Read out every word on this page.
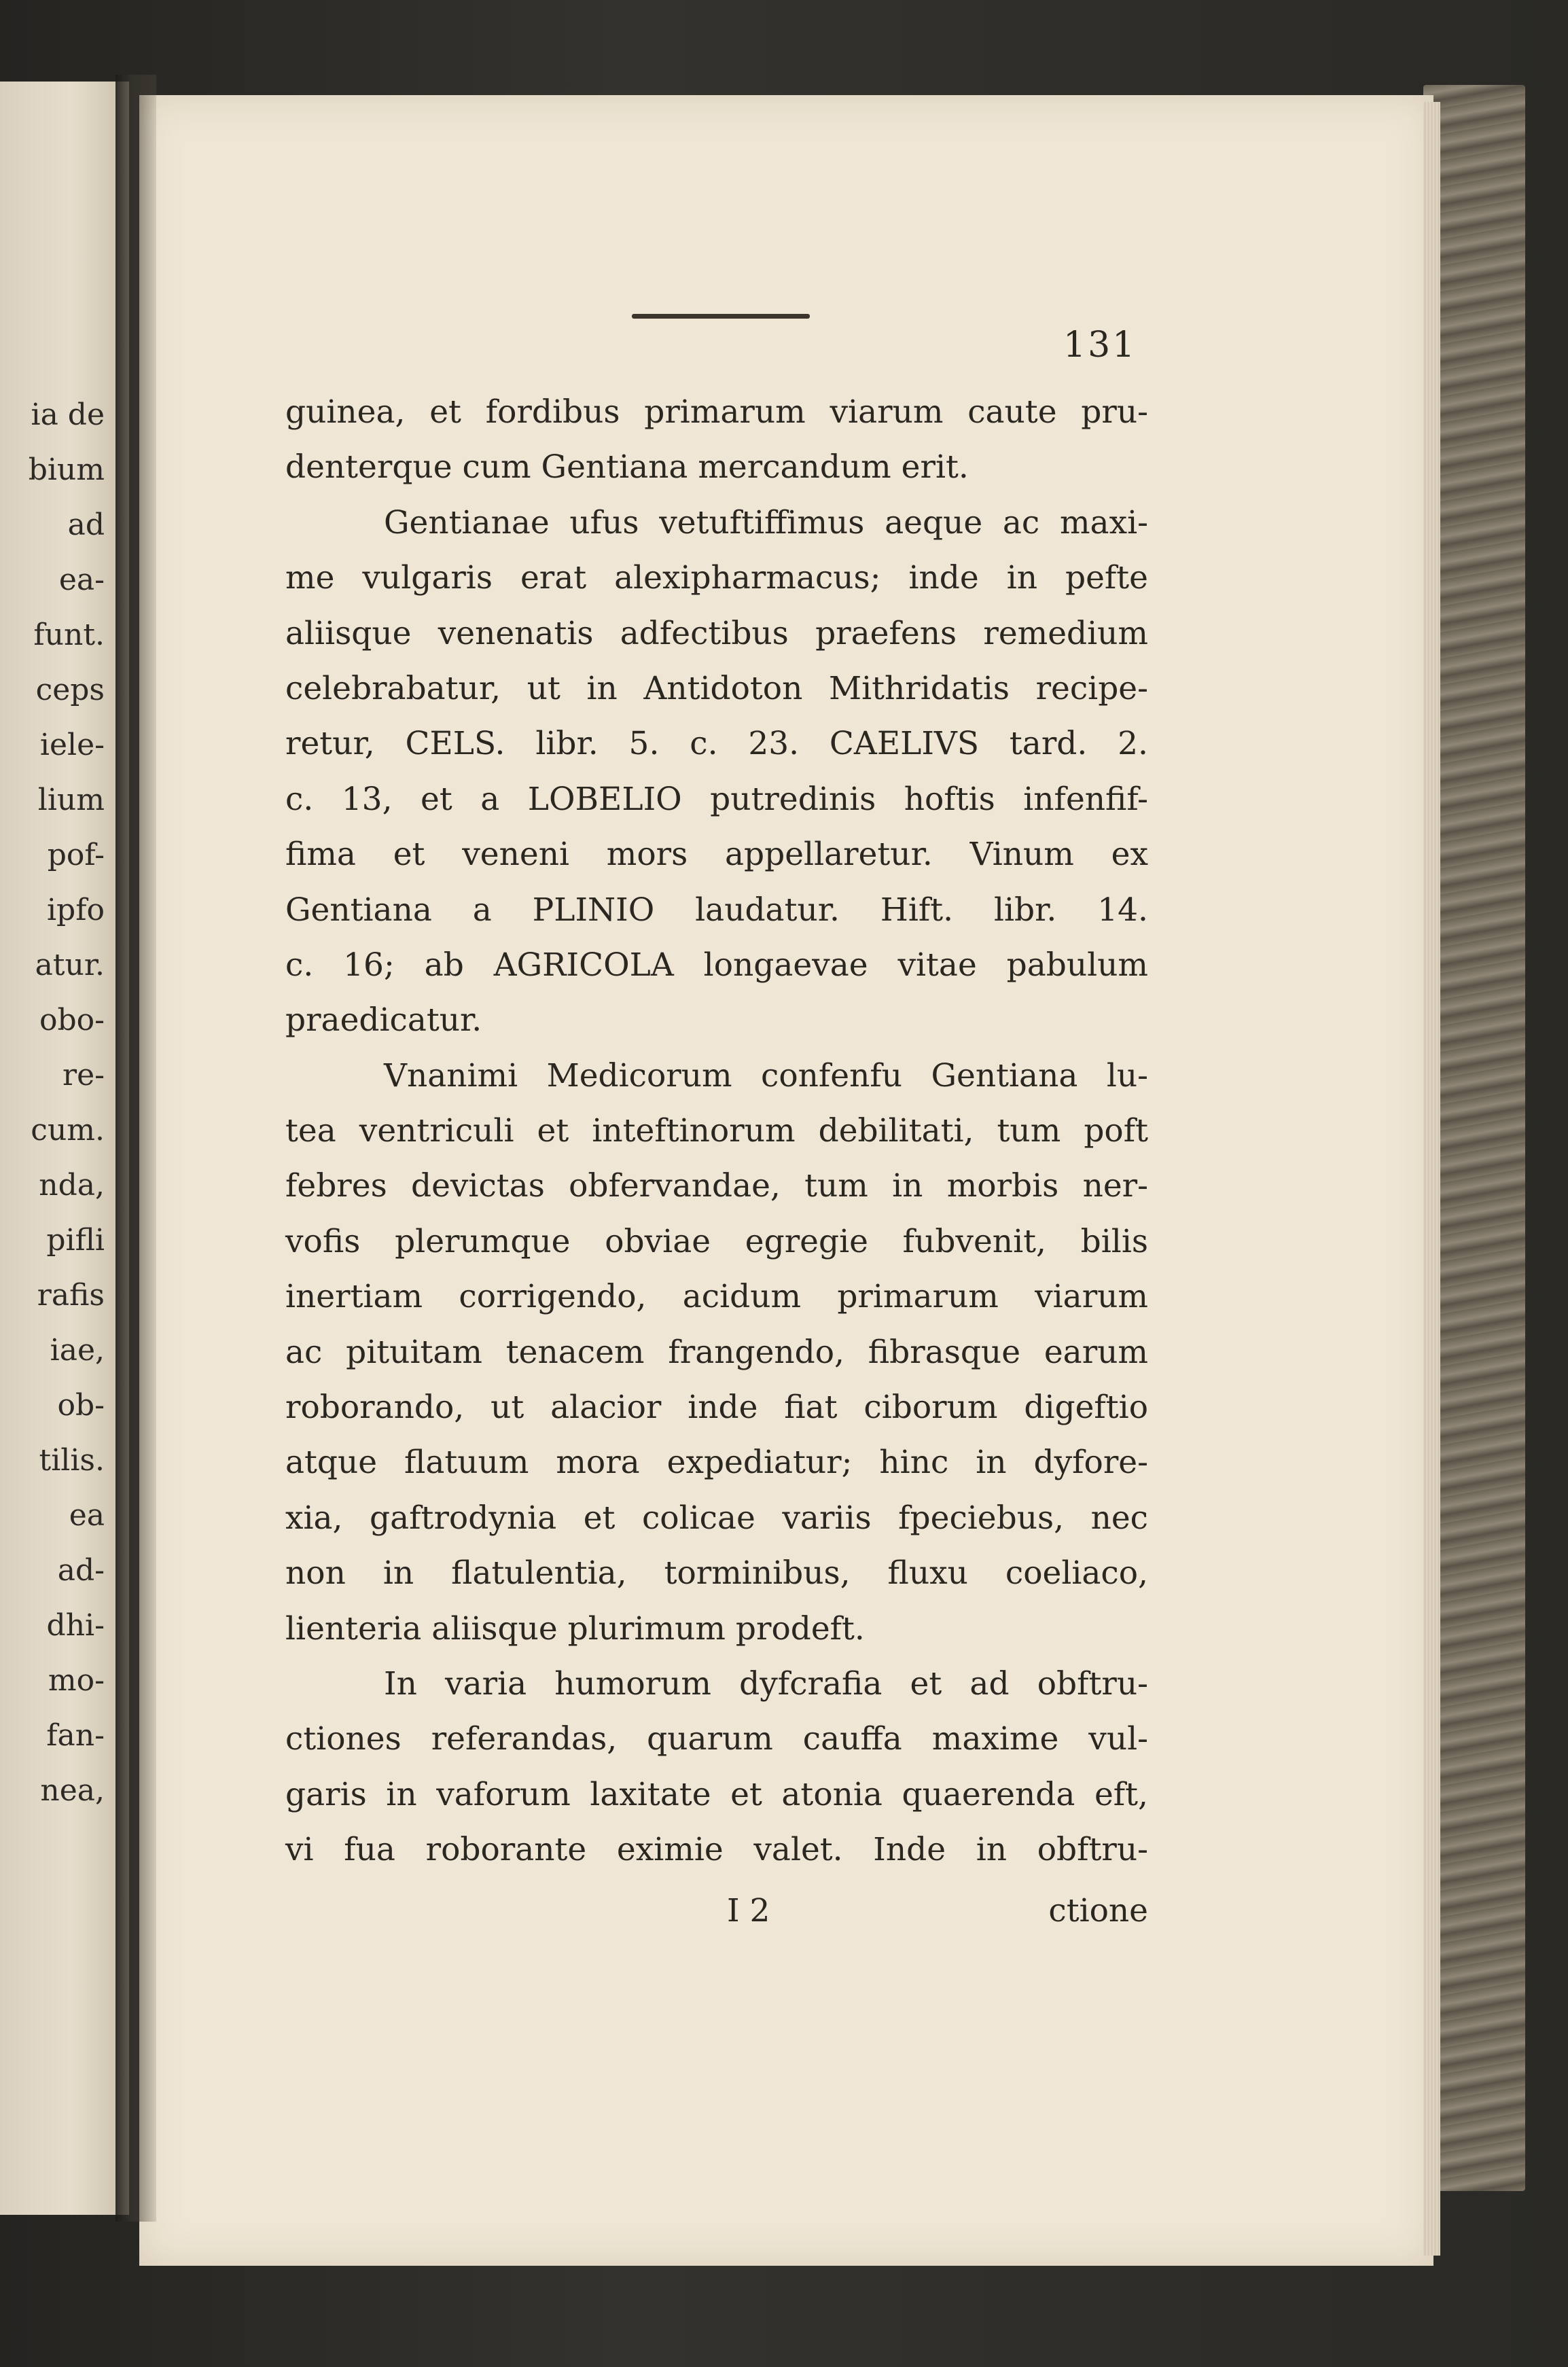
ia de
bium
ad
ea-
funt.
ceps
iele-
lium
pof-
ipfo
atur.
obo-
re-
cum.
nda,
pifli
rafis
iae,
ob-
tilis.
ea
ad-
dhi-
mo-
fan-
nea,
131
guinea, et fordibus primarum viarum caute pru-
denterque cum Gentiana mercandum erit.
Gentianae ufus vetuftiffimus aeque ac maxi-
me vulgaris erat alexipharmacus; inde in pefte
aliisque venenatis adfectibus praefens remedium
celebrabatur, ut in Antidoton Mithridatis recipe-
retur, CELS. libr. 5. c. 23. CAELIVS tard. 2.
c. 13, et a LOBELIO putredinis hoftis infenfif-
fima et veneni mors appellaretur. Vinum ex
Gentiana a PLINIO laudatur. Hift. libr. 14.
c. 16; ab AGRICOLA longaevae vitae pabulum
praedicatur.
Vnanimi Medicorum confenfu Gentiana lu-
tea ventriculi et inteftinorum debilitati, tum poft
febres devictas obfervandae, tum in morbis ner-
vofis plerumque obviae egregie fubvenit, bilis
inertiam corrigendo, acidum primarum viarum
ac pituitam tenacem frangendo, fibrasque earum
roborando, ut alacior inde fiat ciborum digeftio
atque flatuum mora expediatur; hinc in dyfore-
xia, gaftrodynia et colicae variis fpeciebus, nec
non in flatulentia, torminibus, fluxu coeliaco,
lienteria aliisque plurimum prodeft.
In varia humorum dyfcrafia et ad obftru-
ctiones referandas, quarum cauffa maxime vul-
garis in vaforum laxitate et atonia quaerenda eft,
vi fua roborante eximie valet. Inde in obftru-
I 2	ctione
